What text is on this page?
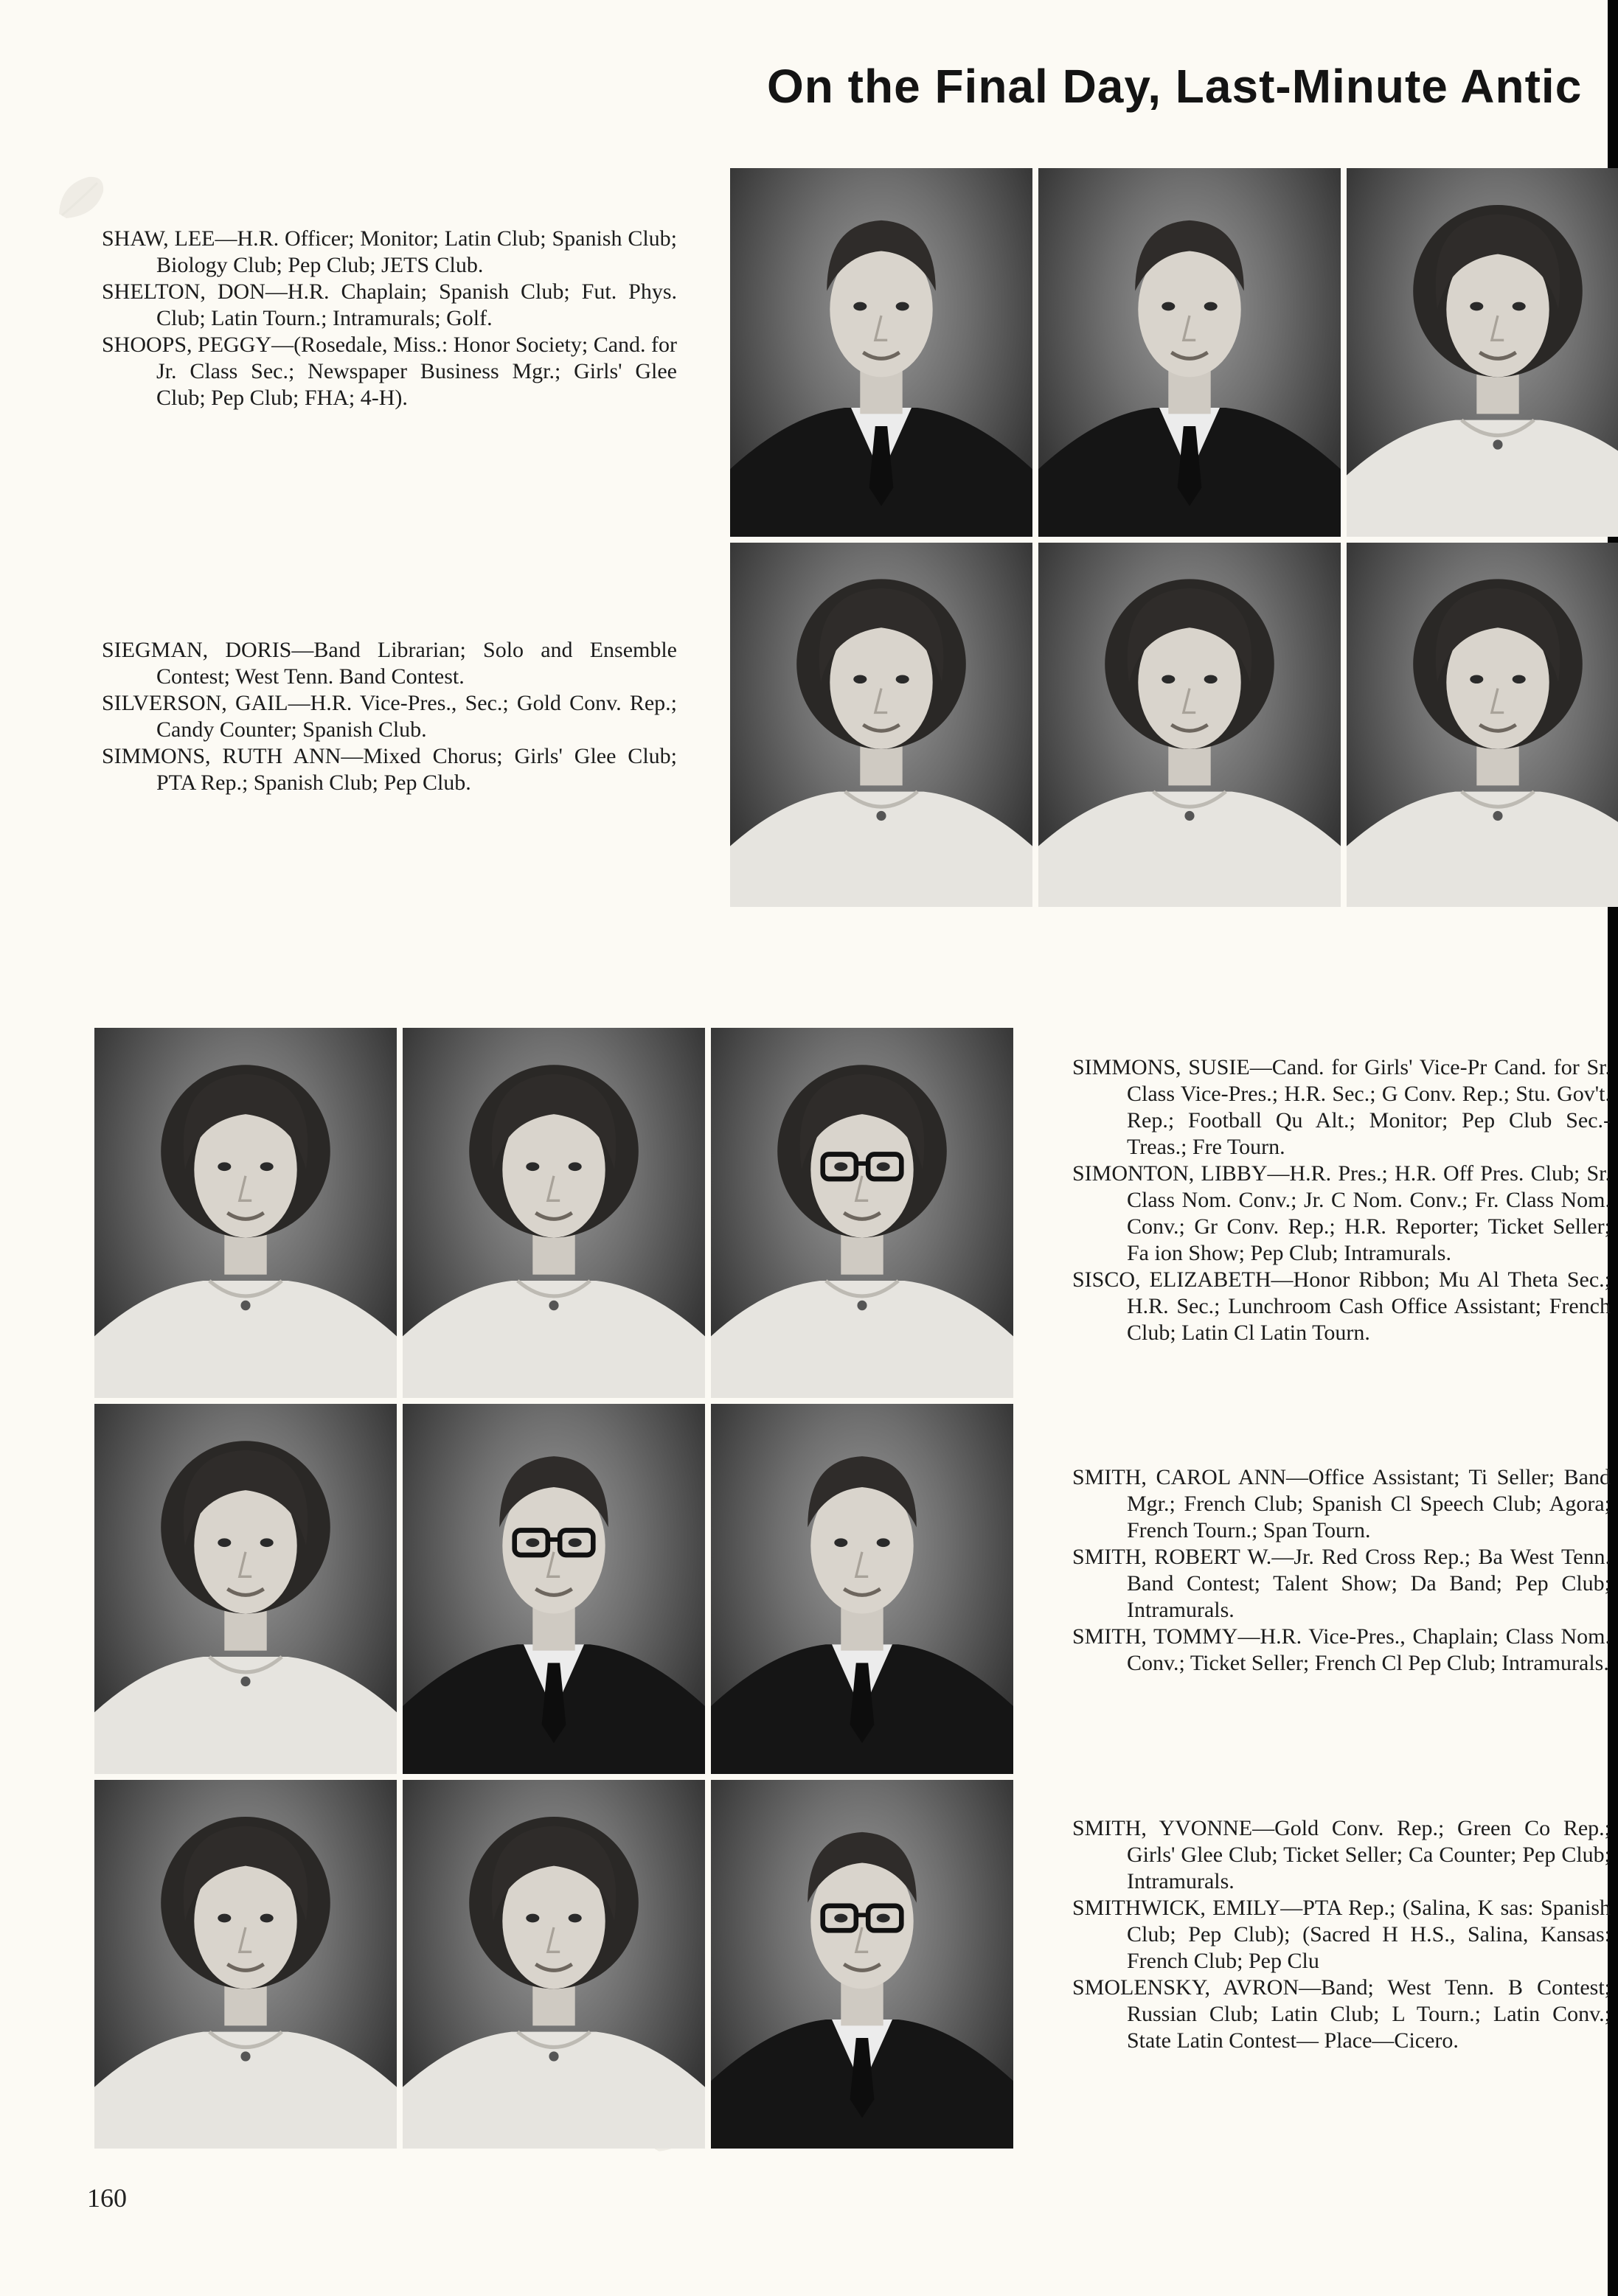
On the Final Day, Last-Minute Antic

SHAW, LEE—H.R. Officer; Monitor; Latin Club; Spanish Club; Biology Club; Pep Club; JETS Club.

SHELTON, DON—H.R. Chaplain; Spanish Club; Fut. Phys. Club; Latin Tourn.; Intramurals; Golf.

SHOOPS, PEGGY—(Rosedale, Miss.: Honor Society; Cand. for Jr. Class Sec.; Newspaper Business Mgr.; Girls' Glee Club; Pep Club; FHA; 4-H).

SIEGMAN, DORIS—Band Librarian; Solo and Ensemble Contest; West Tenn. Band Contest.

SILVERSON, GAIL—H.R. Vice-Pres., Sec.; Gold Conv. Rep.; Candy Counter; Spanish Club.

SIMMONS, RUTH ANN—Mixed Chorus; Girls' Glee Club; PTA Rep.; Spanish Club; Pep Club.

SIMMONS, SUSIE—Cand. for Girls' Vice-Pr Cand. for Sr. Class Vice-Pres.; H.R. Sec.; G Conv. Rep.; Stu. Gov't. Rep.; Football Qu Alt.; Monitor; Pep Club Sec.-Treas.; Fre Tourn.

SIMONTON, LIBBY—H.R. Pres.; H.R. Off Pres. Club; Sr. Class Nom. Conv.; Jr. C Nom. Conv.; Fr. Class Nom. Conv.; Gr Conv. Rep.; H.R. Reporter; Ticket Seller; Fa ion Show; Pep Club; Intramurals.

SISCO, ELIZABETH—Honor Ribbon; Mu Al Theta Sec.; H.R. Sec.; Lunchroom Cash Office Assistant; French Club; Latin Cl Latin Tourn.

SMITH, CAROL ANN—Office Assistant; Ti Seller; Band Mgr.; French Club; Spanish Cl Speech Club; Agora; French Tourn.; Span Tourn.

SMITH, ROBERT W.—Jr. Red Cross Rep.; Ba West Tenn. Band Contest; Talent Show; Da Band; Pep Club; Intramurals.

SMITH, TOMMY—H.R. Vice-Pres., Chaplain; Class Nom. Conv.; Ticket Seller; French Cl Pep Club; Intramurals.

SMITH, YVONNE—Gold Conv. Rep.; Green Co Rep.; Girls' Glee Club; Ticket Seller; Ca Counter; Pep Club; Intramurals.

SMITHWICK, EMILY—PTA Rep.; (Salina, K sas: Spanish Club; Pep Club); (Sacred H H.S., Salina, Kansas: French Club; Pep Clu

SMOLENSKY, AVRON—Band; West Tenn. B Contest; Russian Club; Latin Club; L Tourn.; Latin Conv.; State Latin Contest— Place—Cicero.

160
